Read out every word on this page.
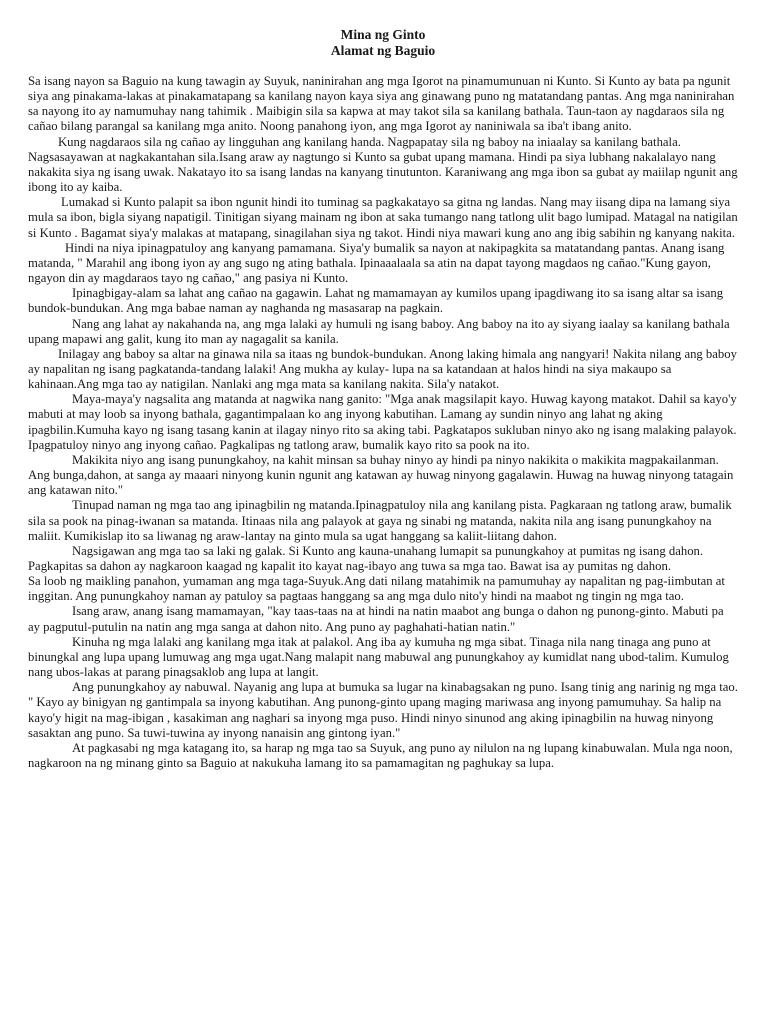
Mina ng Ginto
Alamat ng Baguio

Sa isang nayon sa Baguio na kung tawagin ay Suyuk, naninirahan ang mga Igorot na pinamumunuan ni Kunto. Si Kunto ay bata pa ngunit siya ang pinakama-lakas at pinakamatapang sa kanilang nayon kaya siya ang ginawang puno ng matatandang pantas. Ang mga naninirahan sa nayong ito ay namumuhay nang tahimik . Maibigin sila sa kapwa at may takot sila sa kanilang bathala. Taun-taon ay nagdaraos sila ng cañao bilang parangal sa kanilang mga anito. Noong panahong iyon, ang mga Igorot ay naniniwala sa iba't ibang anito.

Kung nagdaraos sila ng cañao ay lingguhan ang kanilang handa. Nagpapatay sila ng baboy na iniaalay sa kanilang bathala. Nagsasayawan at nagkakantahan sila.Isang araw ay nagtungo si Kunto sa gubat upang mamana. Hindi pa siya lubhang nakalalayo nang nakakita siya ng isang uwak. Nakatayo ito sa isang landas na kanyang tinutunton. Karaniwang ang mga ibon sa gubat ay maiilap ngunit ang ibong ito ay kaiba.

Lumakad si Kunto palapit sa ibon ngunit hindi ito tuminag sa pagkakatayo sa gitna ng landas. Nang may iisang dipa na lamang siya mula sa ibon, bigla siyang napatigil. Tinitigan siyang mainam ng ibon at saka tumango nang tatlong ulit bago lumipad. Matagal na natigilan si Kunto . Bagamat siya'y malakas at matapang, sinagilahan siya ng takot. Hindi niya mawari kung ano ang ibig sabihin ng kanyang nakita.

Hindi na niya ipinagpatuloy ang kanyang pamamana. Siya'y bumalik sa nayon at nakipagkita sa matatandang pantas. Anang isang matanda, " Marahil ang ibong iyon ay ang sugo ng ating bathala. Ipinaaalaala sa atin na dapat tayong magdaos ng cañao."Kung gayon, ngayon din ay magdaraos tayo ng cañao," ang pasiya ni Kunto.

Ipinagbigay-alam sa lahat ang cañao na gagawin. Lahat ng mamamayan ay kumilos upang ipagdiwang ito sa isang altar sa isang bundok-bundukan. Ang mga babae naman ay naghanda ng masasarap na pagkain.

Nang ang lahat ay nakahanda na, ang mga lalaki ay humuli ng isang baboy. Ang baboy na ito ay siyang iaalay sa kanilang bathala upang mapawi ang galit, kung ito man ay nagagalit sa kanila.

Inilagay ang baboy sa altar na ginawa nila sa itaas ng bundok-bundukan. Anong laking himala ang nangyari! Nakita nilang ang baboy ay napalitan ng isang pagkatanda-tandang lalaki! Ang mukha ay kulay- lupa na sa katandaan at halos hindi na siya makaupo sa kahinaan.Ang mga tao ay natigilan. Nanlaki ang mga mata sa kanilang nakita. Sila'y natakot.

Maya-maya'y nagsalita ang matanda at nagwika nang ganito: "Mga anak magsilapit kayo. Huwag kayong matakot. Dahil sa kayo'y mabuti at may loob sa inyong bathala, gagantimpalaan ko ang inyong kabutihan. Lamang ay sundin ninyo ang lahat ng aking ipagbilin.Kumuha kayo ng isang tasang kanin at ilagay ninyo rito sa aking tabi. Pagkatapos sukluban ninyo ako ng isang malaking palayok. Ipagpatuloy ninyo ang inyong cañao. Pagkalipas ng tatlong araw, bumalik kayo rito sa pook na ito.

Makikita niyo ang isang punungkahoy, na kahit minsan sa buhay ninyo ay hindi pa ninyo nakikita o makikita magpakailanman. Ang bunga,dahon, at sanga ay maaari ninyong kunin ngunit ang katawan ay huwag ninyong gagalawin. Huwag na huwag ninyong tatagain ang katawan nito."

Tinupad naman ng mga tao ang ipinagbilin ng matanda.Ipinagpatuloy nila ang kanilang pista. Pagkaraan ng tatlong araw, bumalik sila sa pook na pinag-iwanan sa matanda. Itinaas nila ang palayok at gaya ng sinabi ng matanda, nakita nila ang isang punungkahoy na maliit. Kumikislap ito sa liwanag ng araw-lantay na ginto mula sa ugat hanggang sa kaliit-liitang dahon.

Nagsigawan ang mga tao sa laki ng galak. Si Kunto ang kauna-unahang lumapit sa punungkahoy at pumitas ng isang dahon. Pagkapitas sa dahon ay nagkaroon kaagad ng kapalit ito kayat nag-ibayo ang tuwa sa mga tao. Bawat isa ay pumitas ng dahon.

Sa loob ng maikling panahon, yumaman ang mga taga-Suyuk.Ang dati nilang matahimik na pamumuhay ay napalitan ng pag-iimbutan at inggitan. Ang punungkahoy naman ay patuloy sa pagtaas hanggang sa ang mga dulo nito'y hindi na maabot ng tingin ng mga tao.

Isang araw, anang isang mamamayan, "kay taas-taas na at hindi na natin maabot ang bunga o dahon ng punong-ginto. Mabuti pa ay pagputul-putulin na natin ang mga sanga at dahon nito. Ang puno ay paghahati-hatian natin."

Kinuha ng mga lalaki ang kanilang mga itak at palakol. Ang iba ay kumuha ng mga sibat. Tinaga nila nang tinaga ang puno at binungkal ang lupa upang lumuwag ang mga ugat.Nang malapit nang mabuwal ang punungkahoy ay kumidlat nang ubod-talim. Kumulog nang ubos-lakas at parang pinagsaklob ang lupa at langit.

Ang punungkahoy ay nabuwal. Nayanig ang lupa at bumuka sa lugar na kinabagsakan ng puno. Isang tinig ang narinig ng mga tao. " Kayo ay binigyan ng gantimpala sa inyong kabutihan. Ang punong-ginto upang maging mariwasa ang inyong pamumuhay. Sa halip na kayo'y higit na mag-ibigan , kasakiman ang naghari sa inyong mga puso. Hindi ninyo sinunod ang aking ipinagbilin na huwag ninyong sasaktan ang puno. Sa tuwi-tuwina ay inyong nanaisin ang gintong iyan."

At pagkasabi ng mga katagang ito, sa harap ng mga tao sa Suyuk, ang puno ay nilulon na ng lupang kinabuwalan. Mula nga noon, nagkaroon na ng minang ginto sa Baguio at nakukuha lamang ito sa pamamagitan ng paghukay sa lupa.
